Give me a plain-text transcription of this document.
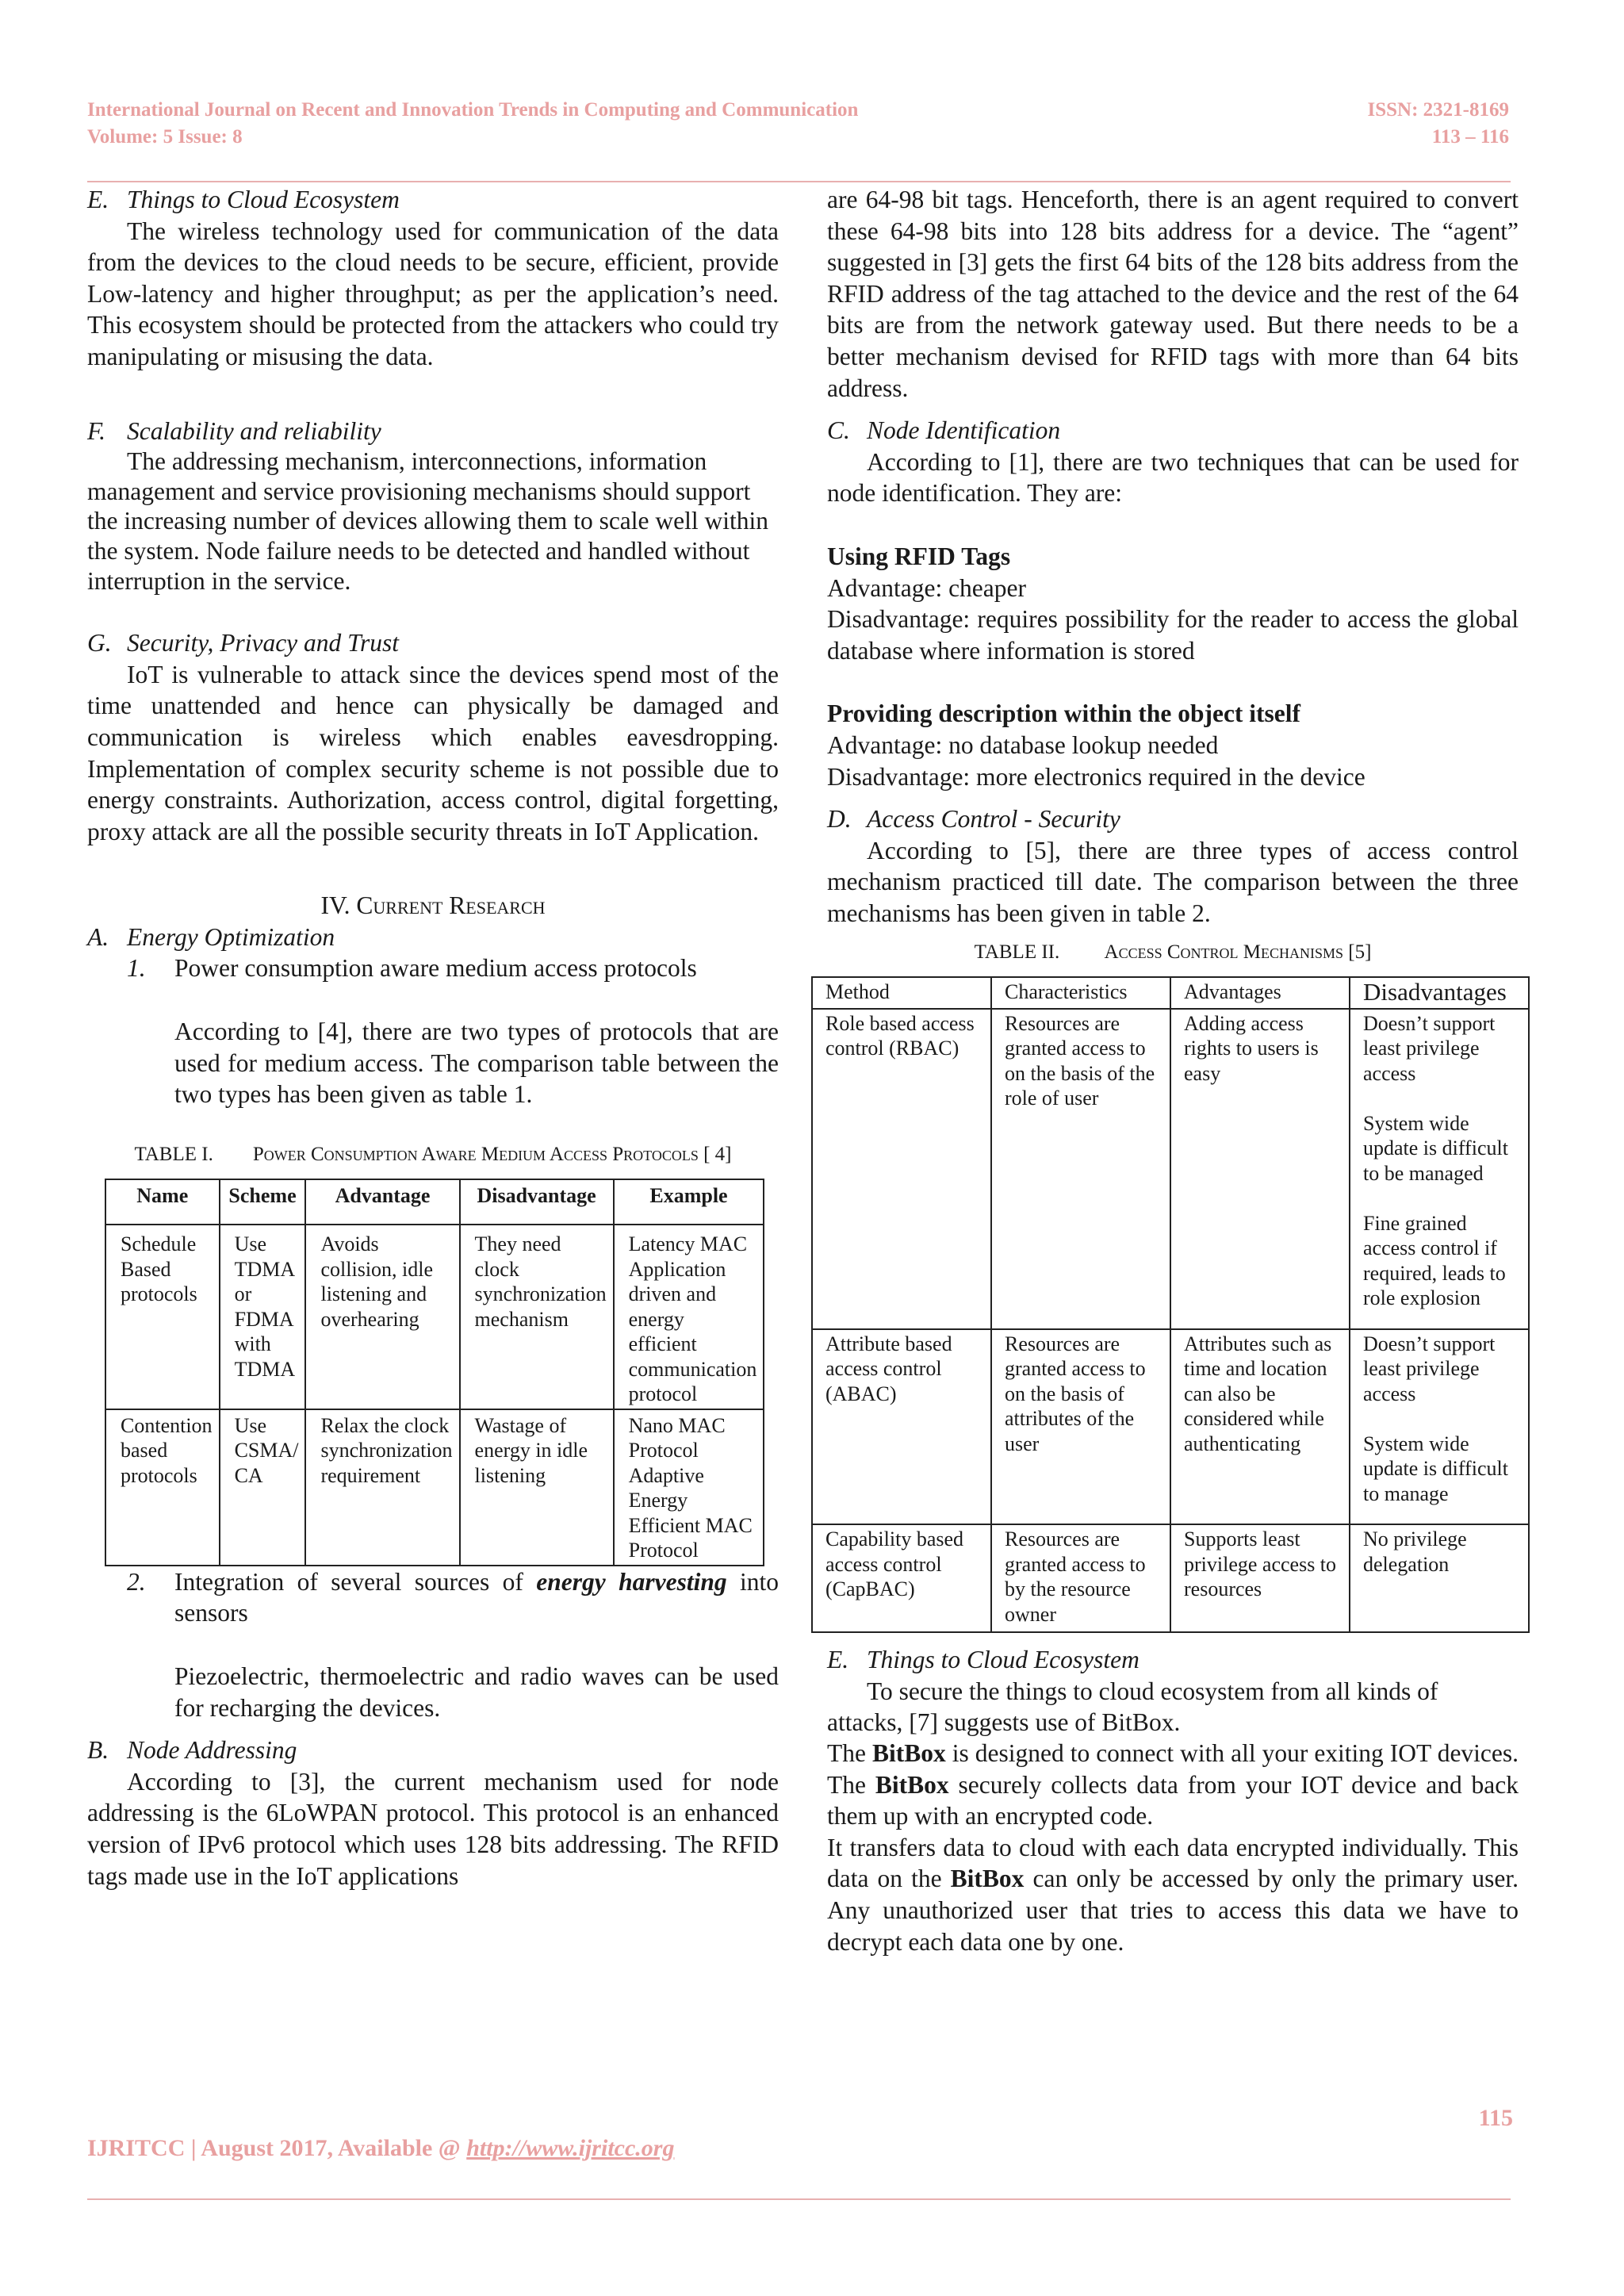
International Journal on Recent and Innovation Trends in Computing and Communication
Volume: 5 Issue: 8
ISSN: 2321-8169
113 – 116

E. Things to Cloud Ecosystem

The wireless technology used for communication of the data from the devices to the cloud needs to be secure, efficient, provide Low-latency and higher throughput; as per the application’s need. This ecosystem should be protected from the attackers who could try manipulating or misusing the data.

F. Scalability and reliability

The addressing mechanism, interconnections, information management and service provisioning mechanisms should support the increasing number of devices allowing them to scale well within the system. Node failure needs to be detected and handled without interruption in the service.

G. Security, Privacy and Trust

IoT is vulnerable to attack since the devices spend most of the time unattended and hence can physically be damaged and communication is wireless which enables eavesdropping. Implementation of complex security scheme is not possible due to energy constraints. Authorization, access control, digital forgetting, proxy attack are all the possible security threats in IoT Application.

IV. Current Research

A. Energy Optimization

1.	Power consumption aware medium access protocols

According to [4], there are two types of protocols that are used for medium access. The comparison table between the two types has been given as table 1.

TABLE I. Power Consumption Aware Medium Access Protocols [ 4]

Name	Scheme	Advantage	Disadvantage	Example
Schedule Based protocols	Use TDMA or FDMA with TDMA	Avoids collision, idle listening and overhearing	They need clock synchronization mechanism	Latency MAC Application driven and energy efficient communication protocol
Contention based protocols	Use CSMA/ CA	Relax the clock synchronization requirement	Wastage of energy in idle listening	Nano MAC Protocol Adaptive Energy Efficient MAC Protocol
2.	Integration of several sources of energy harvesting into sensors

Piezoelectric, thermoelectric and radio waves can be used for recharging the devices.

B. Node Addressing

According to [3], the current mechanism used for node addressing is the 6LoWPAN protocol. This protocol is an enhanced version of IPv6 protocol which uses 128 bits addressing. The RFID tags made use in the IoT applications

are 64-98 bit tags. Henceforth, there is an agent required to convert these 64-98 bits into 128 bits address for a device. The “agent” suggested in [3] gets the first 64 bits of the 128 bits address from the RFID address of the tag attached to the device and the rest of the 64 bits are from the network gateway used. But there needs to be a better mechanism devised for RFID tags with more than 64 bits address.

C. Node Identification

According to [1], there are two techniques that can be used for node identification. They are:

Using RFID Tags

Advantage: cheaper

Disadvantage: requires possibility for the reader to access the global database where information is stored

Providing description within the object itself

Advantage: no database lookup needed

Disadvantage: more electronics required in the device

D. Access Control - Security

According to [5], there are three types of access control mechanism practiced till date. The comparison between the three mechanisms has been given in table 2.

TABLE II. Access Control Mechanisms [5]

Method	Characteristics	Advantages	Disadvantages
Role based access control (RBAC)	Resources are granted access to on the basis of the role of user	Adding access rights to users is easy	Doesn’t support least privilege access

System wide update is difficult to be managed

Fine grained access control if required, leads to role explosion
Attribute based access control (ABAC)	Resources are granted access to on the basis of attributes of the user	Attributes such as time and location can also be considered while authenticating	Doesn’t support least privilege access

System wide update is difficult to manage
Capability based access control (CapBAC)	Resources are granted access to by the resource owner	Supports least privilege access to resources	No privilege delegation

E. Things to Cloud Ecosystem

To secure the things to cloud ecosystem from all kinds of attacks, [7] suggests use of BitBox.

The BitBox is designed to connect with all your exiting IOT devices. The BitBox securely collects data from your IOT device and back them up with an encrypted code.

It transfers data to cloud with each data encrypted individually. This data on the BitBox can only be accessed by only the primary user. Any unauthorized user that tries to access this data we have to decrypt each data one by one.

115
IJRITCC | August 2017, Available @ http://www.ijritcc.org
